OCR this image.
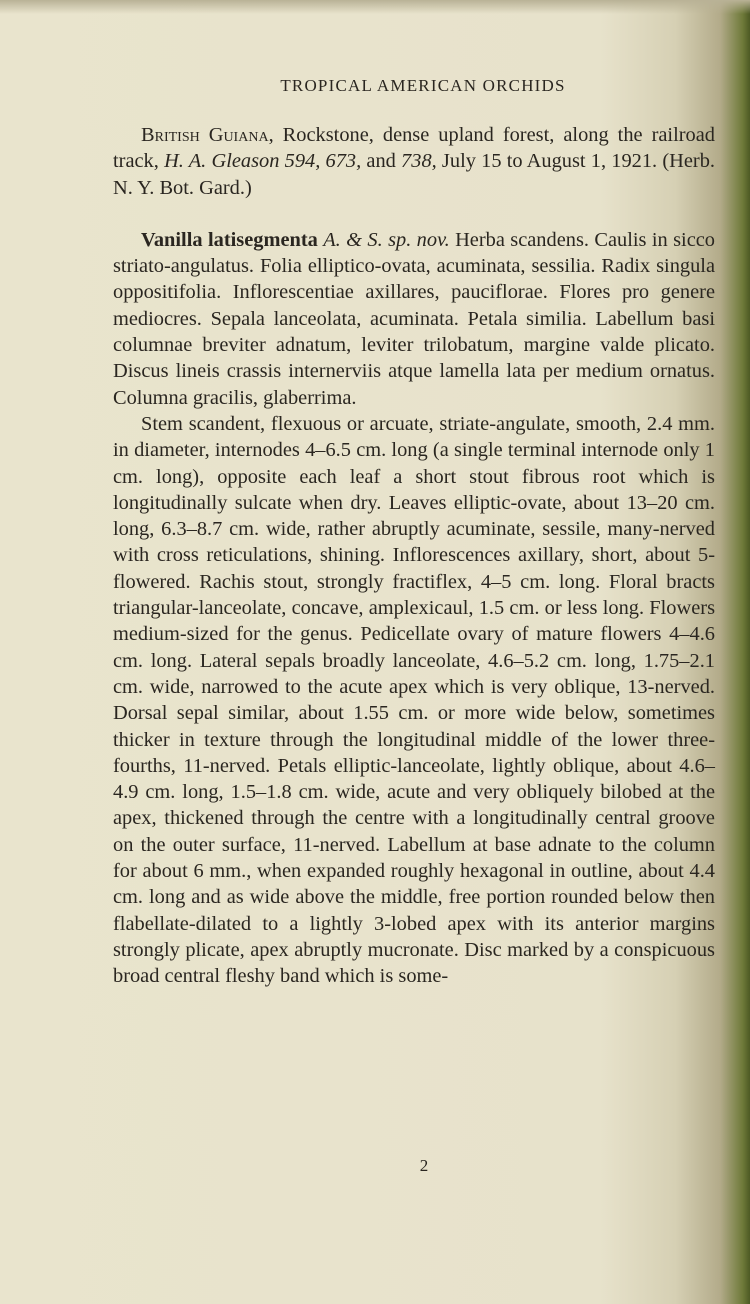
TROPICAL AMERICAN ORCHIDS

British Guiana, Rockstone, dense upland forest, along the railroad track, H. A. Gleason 594, 673, and 738, July 15 to August 1, 1921. (Herb. N. Y. Bot. Gard.)

Vanilla latisegmenta A. & S. sp. nov. Herba scandens. Caulis in sicco striato-angulatus. Folia elliptico-ovata, acuminata, sessilia. Radix singula oppositifolia. Inflorescentiae axillares, pauciflorae. Flores pro genere mediocres. Sepala lanceolata, acuminata. Petala similia. Labellum basi columnae breviter adnatum, leviter trilobatum, margine valde plicato. Discus lineis crassis internerviis atque lamella lata per medium ornatus. Columna gracilis, glaberrima.

Stem scandent, flexuous or arcuate, striate-angulate, smooth, 2.4 mm. in diameter, internodes 4–6.5 cm. long (a single terminal internode only 1 cm. long), opposite each leaf a short stout fibrous root which is longitudinally sulcate when dry. Leaves elliptic-ovate, about 13–20 cm. long, 6.3–8.7 cm. wide, rather abruptly acuminate, sessile, many-nerved with cross reticulations, shining. Inflorescences axillary, short, about 5-flowered. Rachis stout, strongly fractiflex, 4–5 cm. long. Floral bracts triangular-lanceolate, concave, amplexicaul, 1.5 cm. or less long. Flowers medium-sized for the genus. Pedicellate ovary of mature flowers 4–4.6 cm. long. Lateral sepals broadly lanceolate, 4.6–5.2 cm. long, 1.75–2.1 cm. wide, narrowed to the acute apex which is very oblique, 13-nerved. Dorsal sepal similar, about 1.55 cm. or more wide below, sometimes thicker in texture through the longitudinal middle of the lower three-fourths, 11-nerved. Petals elliptic-lanceolate, lightly oblique, about 4.6–4.9 cm. long, 1.5–1.8 cm. wide, acute and very obliquely bilobed at the apex, thickened through the centre with a longitudinally central groove on the outer surface, 11-nerved. Labellum at base adnate to the column for about 6 mm., when expanded roughly hexagonal in outline, about 4.4 cm. long and as wide above the middle, free portion rounded below then flabellate-dilated to a lightly 3-lobed apex with its anterior margins strongly plicate, apex abruptly mucronate. Disc marked by a conspicuous broad central fleshy band which is some-

2
